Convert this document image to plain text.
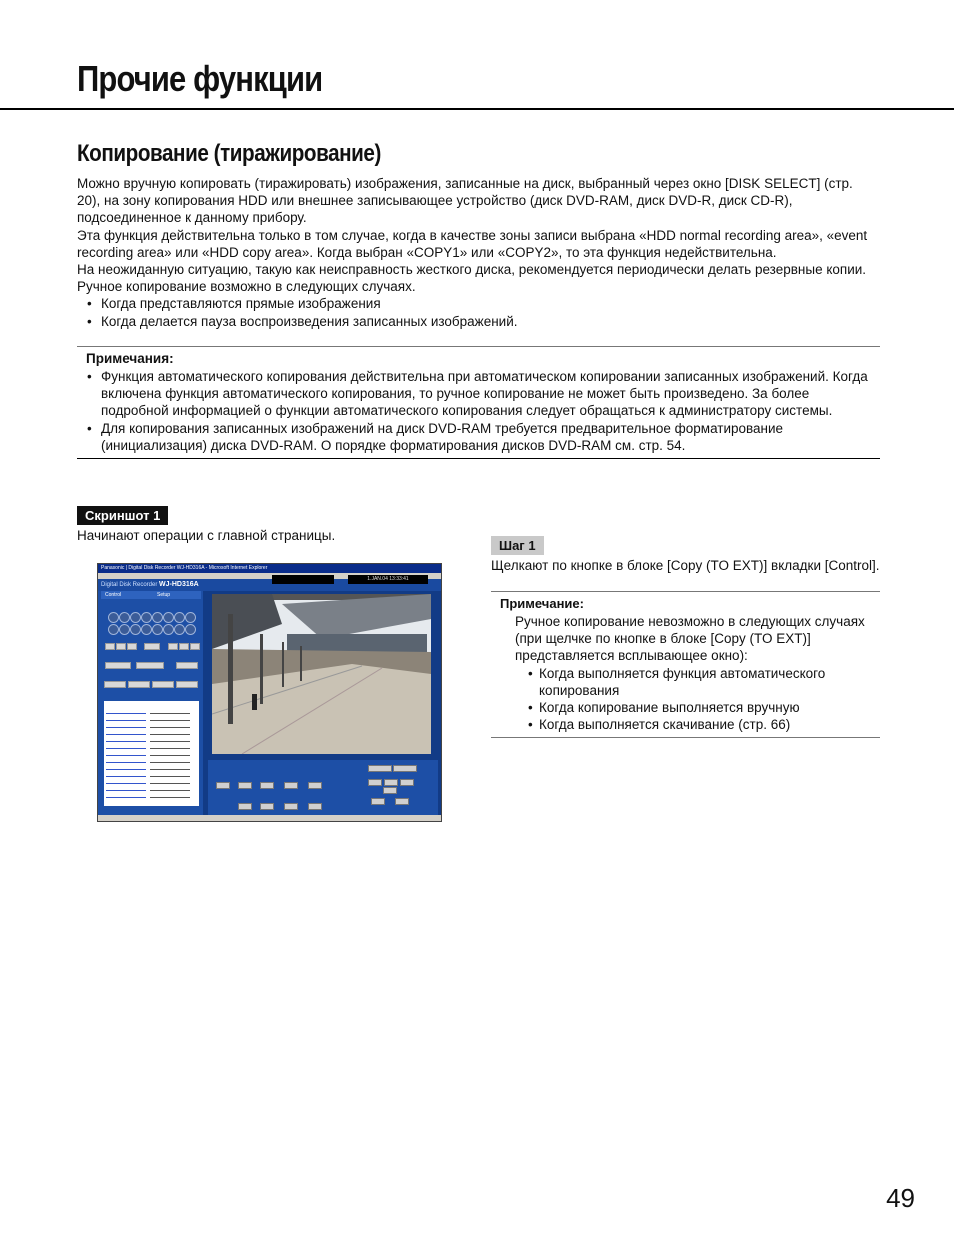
Прочие функции
Копирование (тиражирование)

Можно вручную копировать (тиражировать) изображения, записанные на диск, выбранный через окно [DISK SELECT] (стр. 20), на зону копирования HDD или внешнее записывающее устройство (диск DVD-RAM, диск DVD-R, диск CD-R), подсоединенное к данному прибору.

Эта функция действительна только в том случае, когда в качестве зоны записи выбрана «HDD normal recording area», «event recording area» или «HDD copy area». Когда выбран «COPY1» или «COPY2», то эта функция недействительна.

На неожиданную ситуацию, такую как неисправность жесткого диска, рекомендуется периодически делать резервные копии.

Ручное копирование возможно в следующих случаях.

• Когда представляются прямые изображения
• Когда делается пауза воспроизведения записанных изображений.
Примечания:
• Функция автоматического копирования действительна при автоматическом копировании записанных изображений. Когда включена функция автоматического копирования, то ручное копирование не может быть произведено. За более подробной информацией о функции автоматического копирования следует обращаться к администратору системы.
• Для копирования записанных изображений на диск DVD-RAM требуется предварительное форматирование (инициализация) диска DVD-RAM. О порядке форматирования дисков DVD-RAM см. стр. 54.
Скриншот 1
Начинают операции с главной страницы.
Panasonic | Digital Disk Recorder WJ-HD316A - Microsoft Internet Explorer
Digital Disk Recorder WJ-HD316A
1.JAN.04 13:33:41
Control	Setup
Шаг 1
Щелкают по кнопке в блоке [Copy (TO EXT)] вкладки [Control].
Примечание:
Ручное копирование невозможно в следующих случаях (при щелчке по кнопке в блоке [Copy (TO EXT)] представляется всплывающее окно):
• Когда выполняется функция автоматического копирования
• Когда копирование выполняется вручную
• Когда выполняется скачивание (стр. 66)
49
